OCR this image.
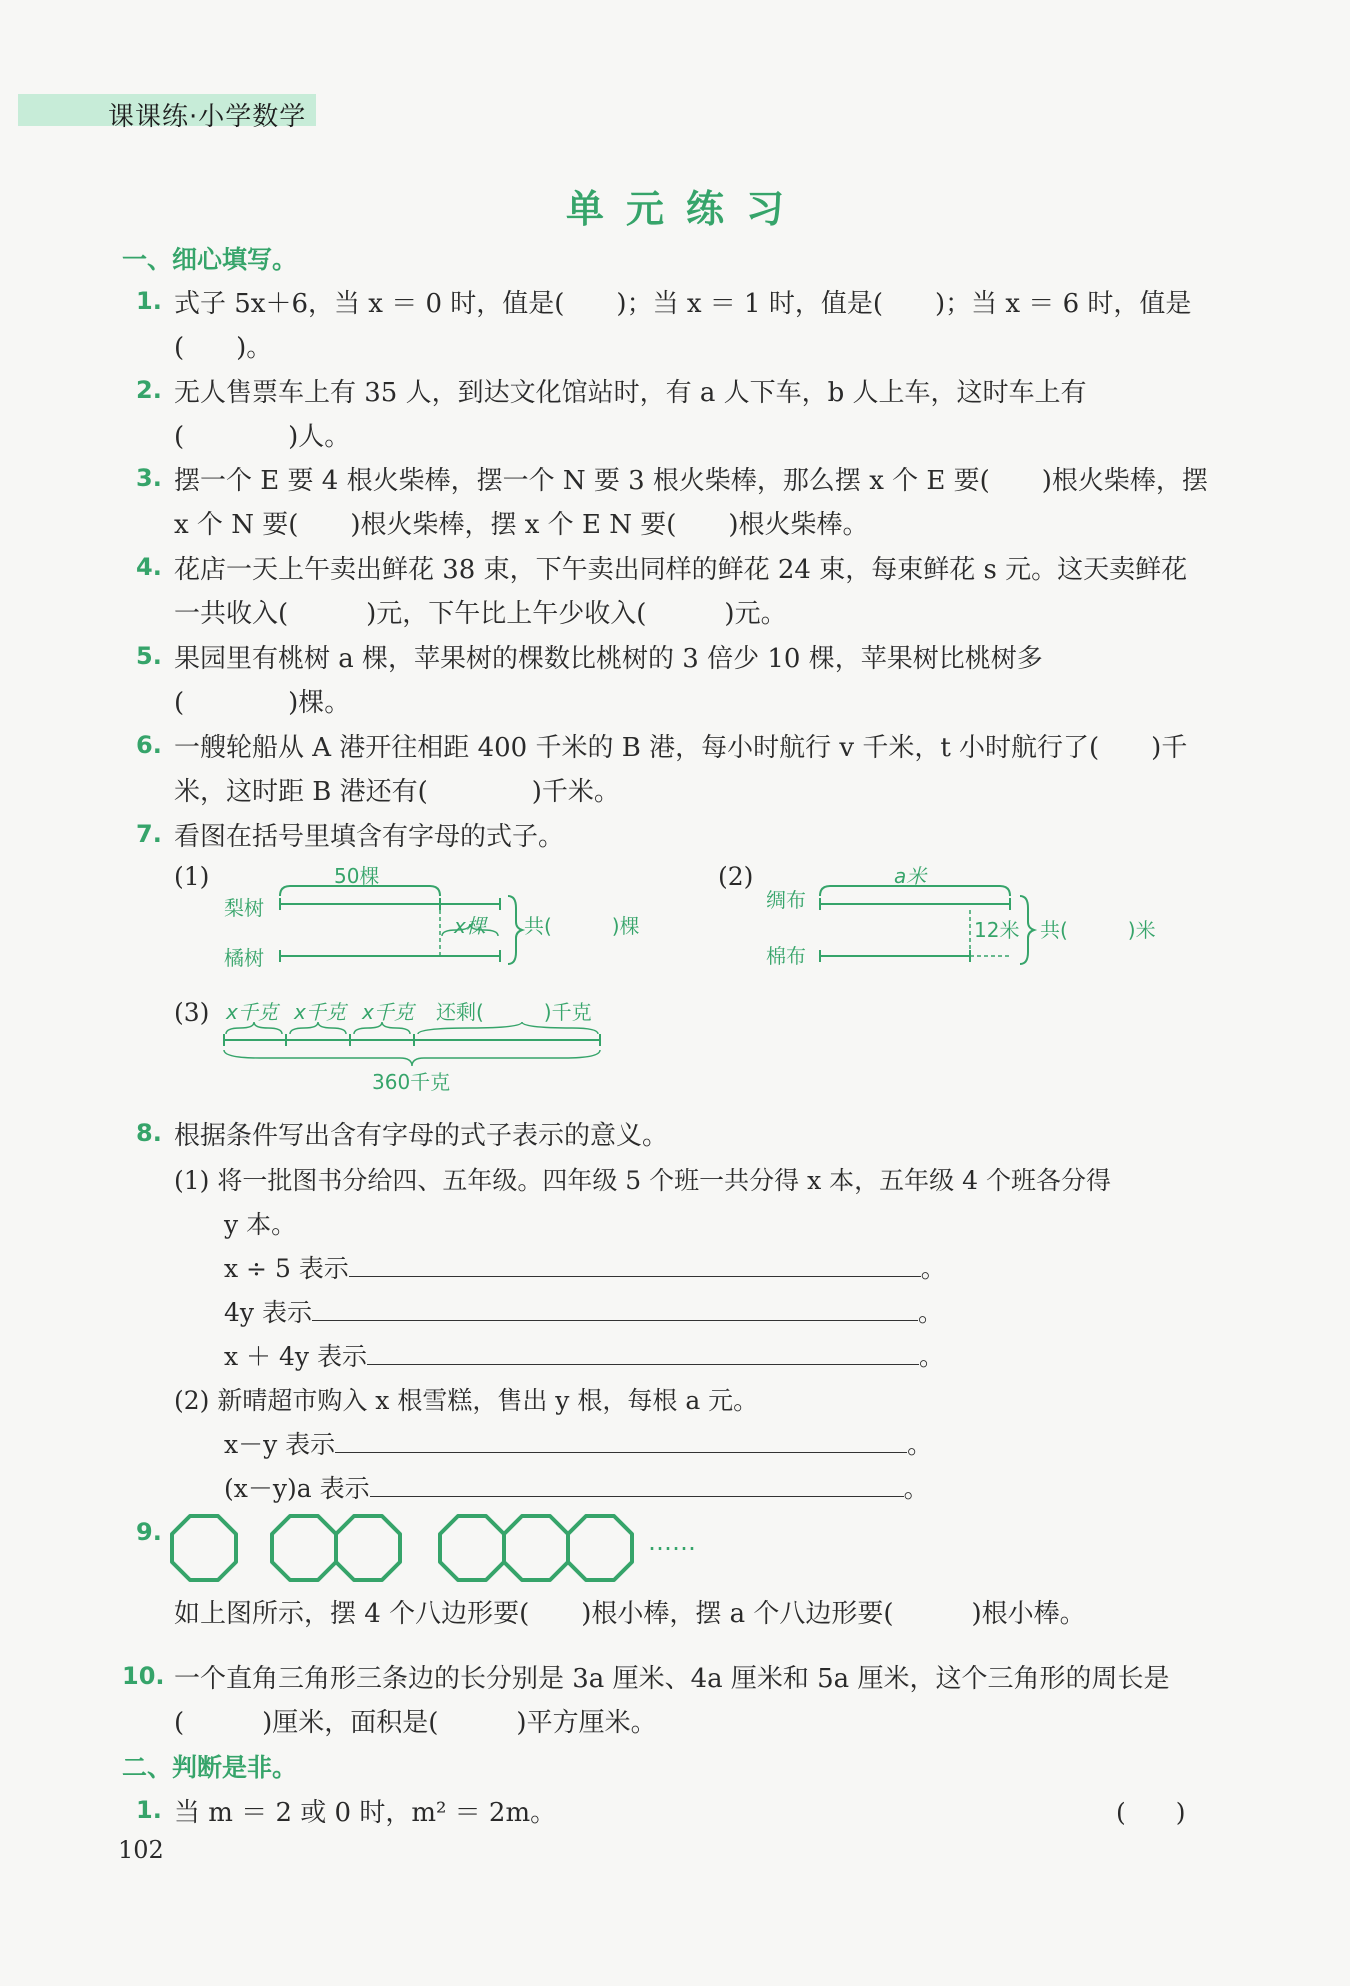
课课练·小学数学
单元练习
一、细心填写。
1. 式子 5x＋6，当 x ＝ 0 时，值是(　　)；当 x ＝ 1 时，值是(　　)；当 x ＝ 6 时，值是
(　　)。
2. 无人售票车上有 35 人，到达文化馆站时，有 a 人下车，b 人上车，这时车上有
(　　　　)人。
3. 摆一个 E 要 4 根火柴棒，摆一个 N 要 3 根火柴棒，那么摆 x 个 E 要(　　)根火柴棒，摆
x 个 N 要(　　)根火柴棒，摆 x 个 E N 要(　　)根火柴棒。
4. 花店一天上午卖出鲜花 38 束，下午卖出同样的鲜花 24 束，每束鲜花 s 元。这天卖鲜花
一共收入(　　　)元，下午比上午少收入(　　　)元。
5. 果园里有桃树 a 棵，苹果树的棵数比桃树的 3 倍少 10 棵，苹果树比桃树多
(　　　　)棵。
6. 一艘轮船从 A 港开往相距 400 千米的 B 港，每小时航行 v 千米，t 小时航行了(　　)千
米，这时距 B 港还有(　　　　)千米。
7. 看图在括号里填含有字母的式子。
(1)	50棵
梨树
橘树
x棵 共(　　　)棵
(2)	a米
绸布
棉布
12米 共(　　　)米
(3) x千克 x千克 x千克 还剩(　　　)千克
360千克
8. 根据条件写出含有字母的式子表示的意义。
(1) 将一批图书分给四、五年级。四年级 5 个班一共分得 x 本，五年级 4 个班各分得
y 本。
x ÷ 5 表示	。
4y 表示	。
x ＋ 4y 表示	。
(2) 新晴超市购入 x 根雪糕，售出 y 根，每根 a 元。
x－y 表示	。
(x－y)a 表示	。
9.	……
如上图所示，摆 4 个八边形要(　　)根小棒，摆 a 个八边形要(　　　)根小棒。
10. 一个直角三角形三条边的长分别是 3a 厘米、4a 厘米和 5a 厘米，这个三角形的周长是
(　　　)厘米，面积是(　　　)平方厘米。
二、判断是非。
1. 当 m ＝ 2 或 0 时，m² ＝ 2m。	(　　)
102
